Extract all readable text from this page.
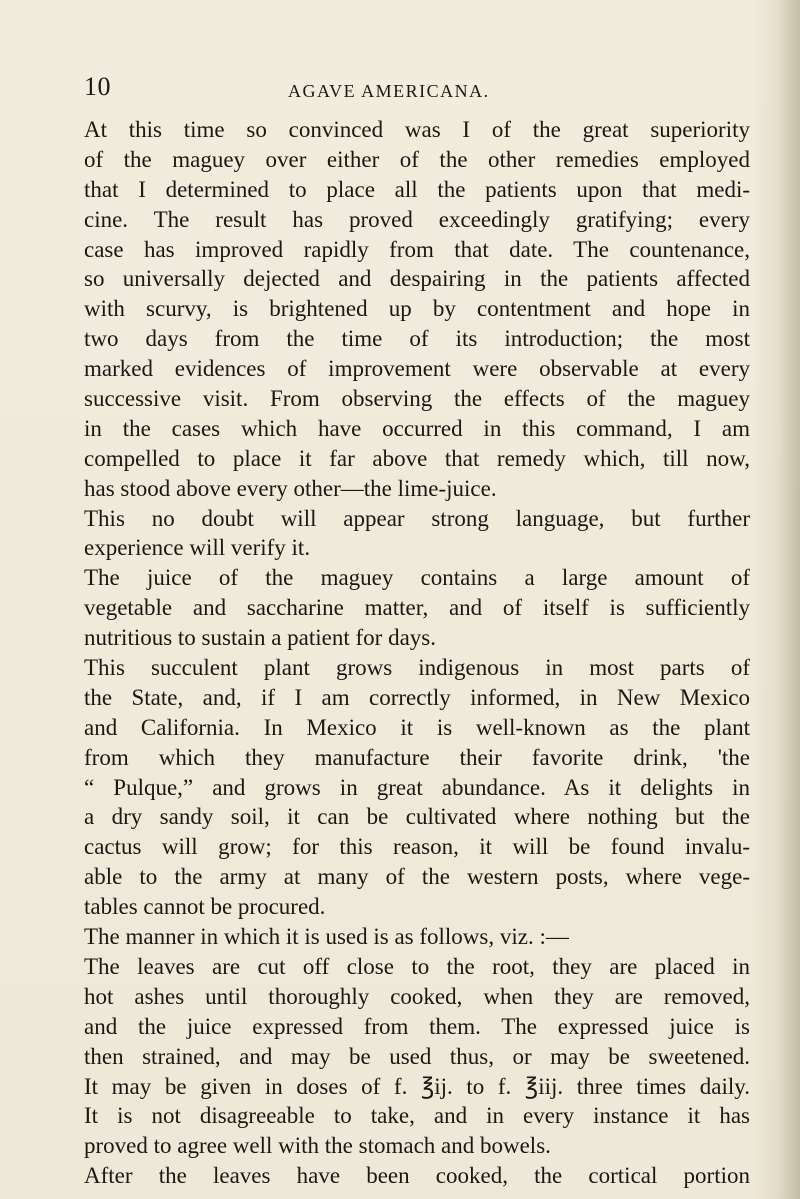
10	AGAVE AMERICANA.
At this time so convinced was I of the great superiority
of the maguey over either of the other remedies employed
that I determined to place all the patients upon that medi-
cine. The result has proved exceedingly gratifying; every
case has improved rapidly from that date. The countenance,
so universally dejected and despairing in the patients affected
with scurvy, is brightened up by contentment and hope in
two days from the time of its introduction; the most
marked evidences of improvement were observable at every
successive visit. From observing the effects of the maguey
in the cases which have occurred in this command, I am
compelled to place it far above that remedy which, till now,
has stood above every other—the lime-juice.
This no doubt will appear strong language, but further
experience will verify it.
The juice of the maguey contains a large amount of
vegetable and saccharine matter, and of itself is sufficiently
nutritious to sustain a patient for days.
This succulent plant grows indigenous in most parts of
the State, and, if I am correctly informed, in New Mexico
and California. In Mexico it is well-known as the plant
from which they manufacture their favorite drink, 'the
“ Pulque,” and grows in great abundance. As it delights in
a dry sandy soil, it can be cultivated where nothing but the
cactus will grow; for this reason, it will be found invalu-
able to the army at many of the western posts, where vege-
tables cannot be procured.
The manner in which it is used is as follows, viz. :—
The leaves are cut off close to the root, they are placed in
hot ashes until thoroughly cooked, when they are removed,
and the juice expressed from them. The expressed juice is
then strained, and may be used thus, or may be sweetened.
It may be given in doses of f. ℥ij. to f. ℥iij. three times daily.
It is not disagreeable to take, and in every instance it has
proved to agree well with the stomach and bowels.
After the leaves have been cooked, the cortical portion
